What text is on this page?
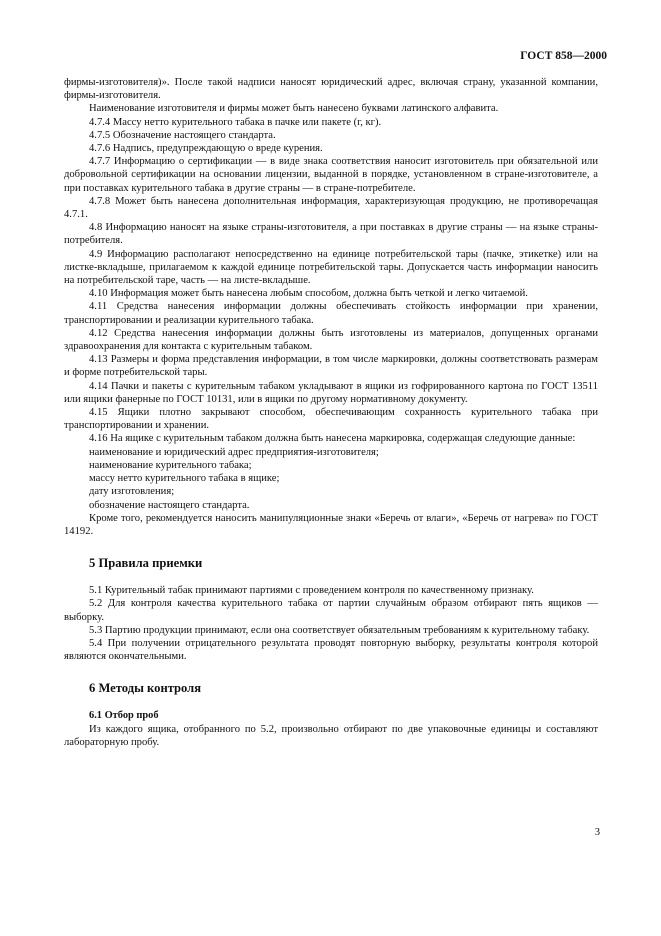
ГОСТ 858—2000

фирмы-изготовителя)». После такой надписи наносят юридический адрес, включая страну, указанной компании, фирмы-изготовителя.

Наименование изготовителя и фирмы может быть нанесено буквами латинского алфавита.

4.7.4 Массу нетто курительного табака в пачке или пакете (г, кг).

4.7.5 Обозначение настоящего стандарта.

4.7.6 Надпись, предупреждающую о вреде курения.

4.7.7 Информацию о сертификации — в виде знака соответствия наносит изготовитель при обязательной или добровольной сертификации на основании лицензии, выданной в порядке, установленном в стране-изготовителе, а при поставках курительного табака в другие страны — в стране-потребителе.

4.7.8 Может быть нанесена дополнительная информация, характеризующая продукцию, не противоречащая 4.7.1.

4.8 Информацию наносят на языке страны-изготовителя, а при поставках в другие страны — на языке страны-потребителя.

4.9 Информацию располагают непосредственно на единице потребительской тары (пачке, этикетке) или на листке-вкладыше, прилагаемом к каждой единице потребительской тары. Допускается часть информации наносить на потребительской таре, часть — на листе-вкладыше.

4.10 Информация может быть нанесена любым способом, должна быть четкой и легко читаемой.

4.11 Средства нанесения информации должны обеспечивать стойкость информации при хранении, транспортировании и реализации курительного табака.

4.12 Средства нанесения информации должны быть изготовлены из материалов, допущенных органами здравоохранения для контакта с курительным табаком.

4.13 Размеры и форма представления информации, в том числе маркировки, должны соответствовать размерам и форме потребительской тары.

4.14 Пачки и пакеты с курительным табаком укладывают в ящики из гофрированного картона по ГОСТ 13511 или ящики фанерные по ГОСТ 10131, или в ящики по другому нормативному документу.

4.15 Ящики плотно закрывают способом, обеспечивающим сохранность курительного табака при транспортировании и хранении.

4.16 На ящике с курительным табаком должна быть нанесена маркировка, содержащая следующие данные:

наименование и юридический адрес предприятия-изготовителя;

наименование курительного табака;

массу нетто курительного табака в ящике;

дату изготовления;

обозначение настоящего стандарта.

Кроме того, рекомендуется наносить манипуляционные знаки «Беречь от влаги», «Беречь от нагрева» по ГОСТ 14192.

5 Правила приемки

5.1 Курительный табак принимают партиями с проведением контроля по качественному признаку.

5.2 Для контроля качества курительного табака от партии случайным образом отбирают пять ящиков — выборку.

5.3 Партию продукции принимают, если она соответствует обязательным требованиям к курительному табаку.

5.4 При получении отрицательного результата проводят повторную выборку, результаты контроля которой являются окончательными.

6 Методы контроля
6.1 Отбор проб

Из каждого ящика, отобранного по 5.2, произвольно отбирают по две упаковочные единицы и составляют лабораторную пробу.

3
